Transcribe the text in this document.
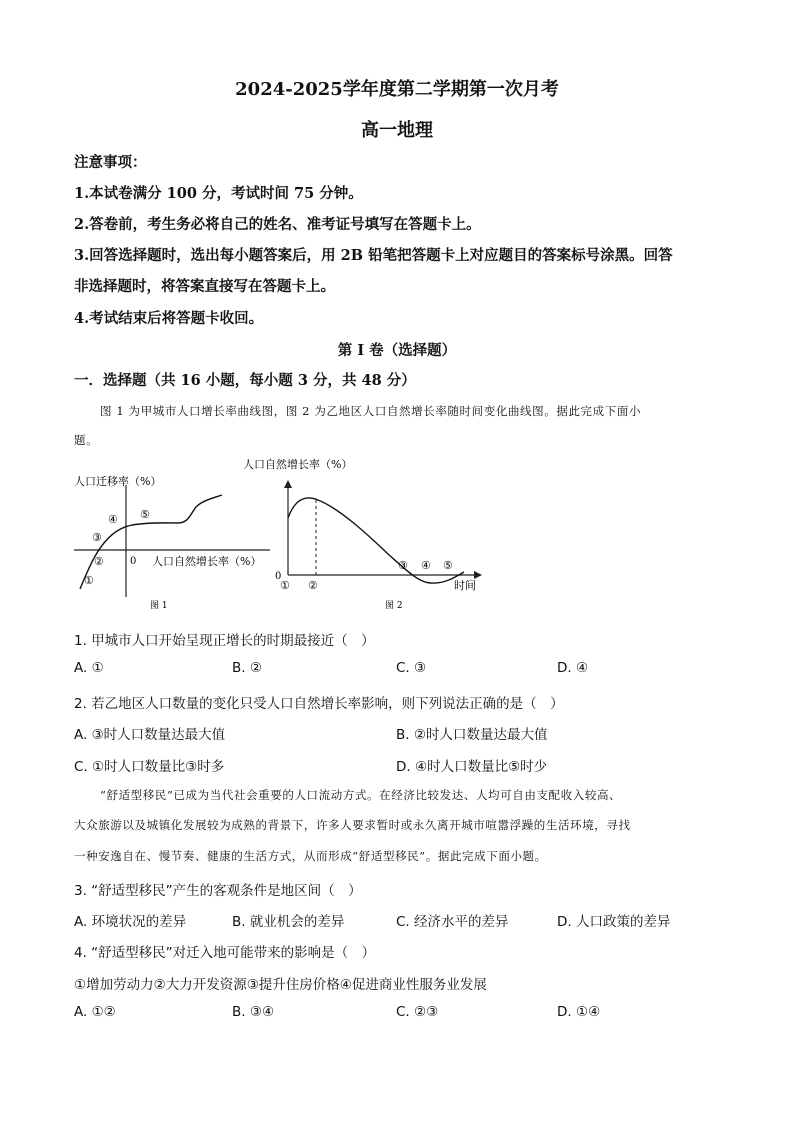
2024-2025学年度第二学期第一次月考
高一地理
注意事项：
1.本试卷满分 100 分，考试时间 75 分钟。
2.答卷前，考生务必将自己的姓名、准考证号填写在答题卡上。
3.回答选择题时，选出每小题答案后，用 2B 铅笔把答题卡上对应题目的答案标号涂黑。回答
非选择题时，将答案直接写在答题卡上。
4.考试结束后将答题卡收回。
第 I 卷（选择题）
一．选择题（共 16 小题，每小题 3 分，共 48 分）
图 1 为甲城市人口增长率曲线图，图 2 为乙地区人口自然增长率随时间变化曲线图。据此完成下面小
题。
人口迁移率（%）
人口自然增长率（%）
0
①
②
③
④ ⑤
图 1
人口自然增长率（%）
时间
0
① ②
③ ④ ⑤
图 2
1. 甲城市人口开始呈现正增长的时期最接近（　）
A. ①	B. ②	C. ③	D. ④
2. 若乙地区人口数量的变化只受人口自然增长率影响，则下列说法正确的是（　）
A. ③时人口数量达最大值	B. ②时人口数量达最大值
C. ①时人口数量比③时多	D. ④时人口数量比⑤时少
“舒适型移民”已成为当代社会重要的人口流动方式。在经济比较发达、人均可自由支配收入较高、
大众旅游以及城镇化发展较为成熟的背景下，许多人要求暂时或永久离开城市喧嚣浮躁的生活环境，寻找
一种安逸自在、慢节奏、健康的生活方式，从而形成“舒适型移民”。据此完成下面小题。
3. “舒适型移民”产生的客观条件是地区间（　）
A. 环境状况的差异	B. 就业机会的差异	C. 经济水平的差异	D. 人口政策的差异
4. “舒适型移民”对迁入地可能带来的影响是（　）
①增加劳动力②大力开发资源③提升住房价格④促进商业性服务业发展
A. ①②	B. ③④	C. ②③	D. ①④
